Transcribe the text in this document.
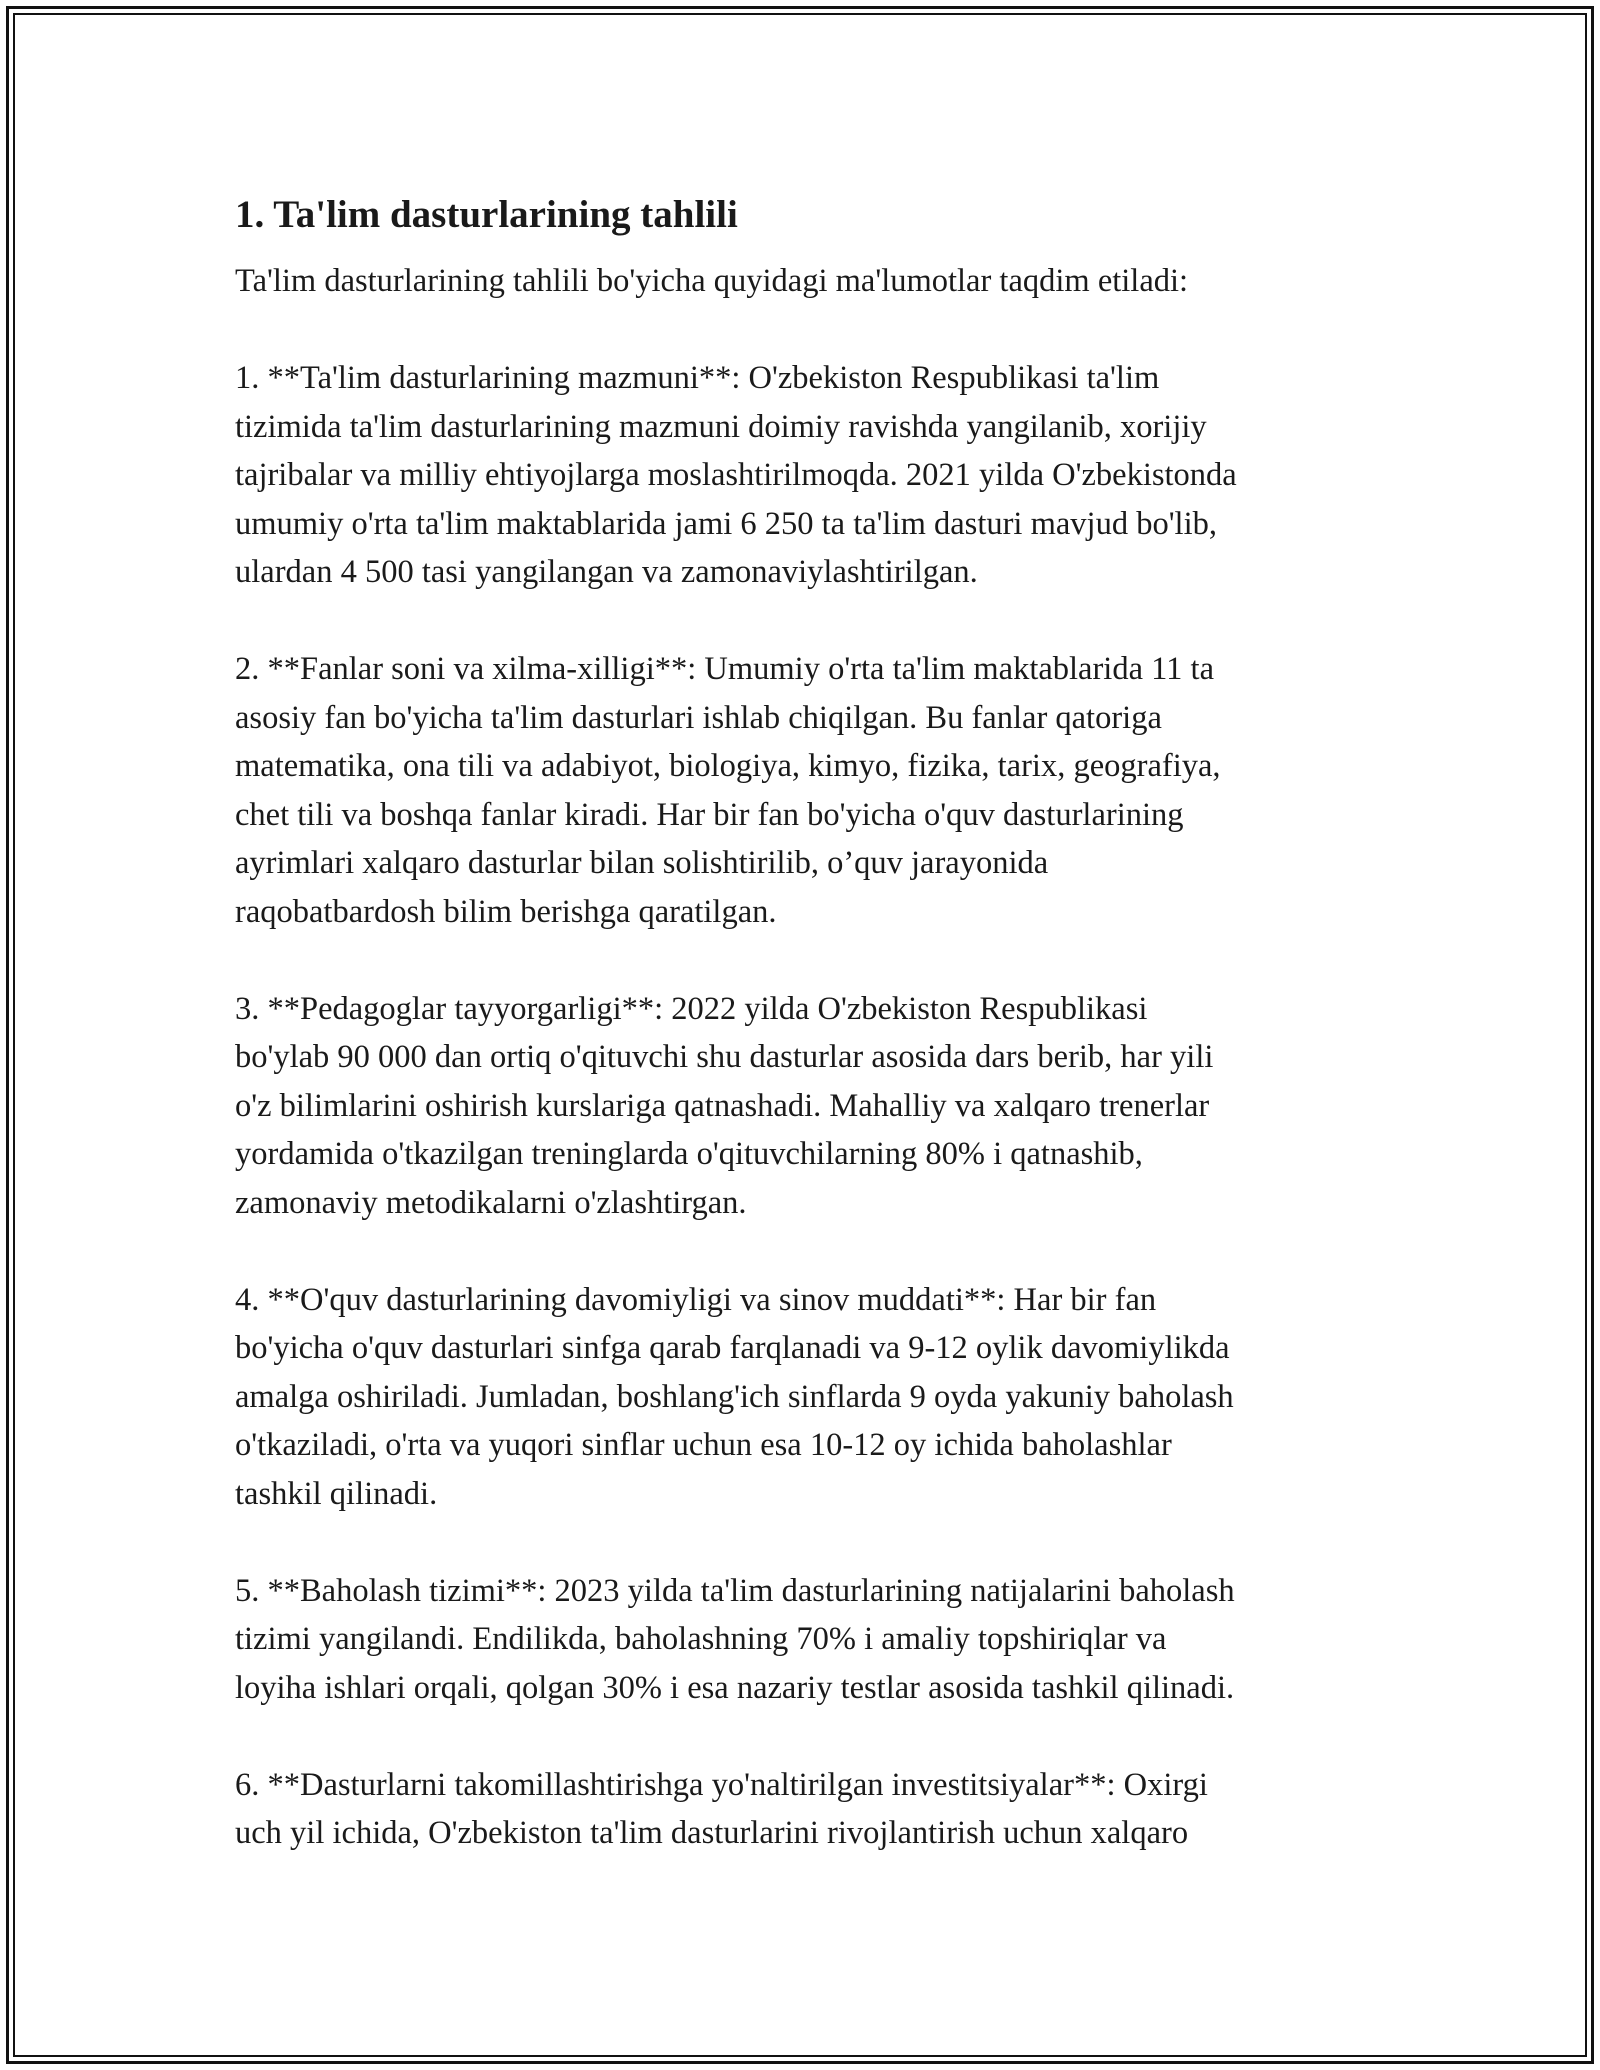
1. Ta'lim dasturlarining tahlili

Ta'lim dasturlarining tahlili bo'yicha quyidagi ma'lumotlar taqdim etiladi:

1. **Ta'lim dasturlarining mazmuni**: O'zbekiston Respublikasi ta'lim
tizimida ta'lim dasturlarining mazmuni doimiy ravishda yangilanib, xorijiy
tajribalar va milliy ehtiyojlarga moslashtirilmoqda. 2021 yilda O'zbekistonda
umumiy o'rta ta'lim maktablarida jami 6 250 ta ta'lim dasturi mavjud bo'lib,
ulardan 4 500 tasi yangilangan va zamonaviylashtirilgan.

2. **Fanlar soni va xilma-xilligi**: Umumiy o'rta ta'lim maktablarida 11 ta
asosiy fan bo'yicha ta'lim dasturlari ishlab chiqilgan. Bu fanlar qatoriga
matematika, ona tili va adabiyot, biologiya, kimyo, fizika, tarix, geografiya,
chet tili va boshqa fanlar kiradi. Har bir fan bo'yicha o'quv dasturlarining
ayrimlari xalqaro dasturlar bilan solishtirilib, o’quv jarayonida
raqobatbardosh bilim berishga qaratilgan.

3. **Pedagoglar tayyorgarligi**: 2022 yilda O'zbekiston Respublikasi
bo'ylab 90 000 dan ortiq o'qituvchi shu dasturlar asosida dars berib, har yili
o'z bilimlarini oshirish kurslariga qatnashadi. Mahalliy va xalqaro trenerlar
yordamida o'tkazilgan treninglarda o'qituvchilarning 80% i qatnashib,
zamonaviy metodikalarni o'zlashtirgan.

4. **O'quv dasturlarining davomiyligi va sinov muddati**: Har bir fan
bo'yicha o'quv dasturlari sinfga qarab farqlanadi va 9-12 oylik davomiylikda
amalga oshiriladi. Jumladan, boshlang'ich sinflarda 9 oyda yakuniy baholash
o'tkaziladi, o'rta va yuqori sinflar uchun esa 10-12 oy ichida baholashlar
tashkil qilinadi.

5. **Baholash tizimi**: 2023 yilda ta'lim dasturlarining natijalarini baholash
tizimi yangilandi. Endilikda, baholashning 70% i amaliy topshiriqlar va
loyiha ishlari orqali, qolgan 30% i esa nazariy testlar asosida tashkil qilinadi.

6. **Dasturlarni takomillashtirishga yo'naltirilgan investitsiyalar**: Oxirgi
uch yil ichida, O'zbekiston ta'lim dasturlarini rivojlantirish uchun xalqaro
